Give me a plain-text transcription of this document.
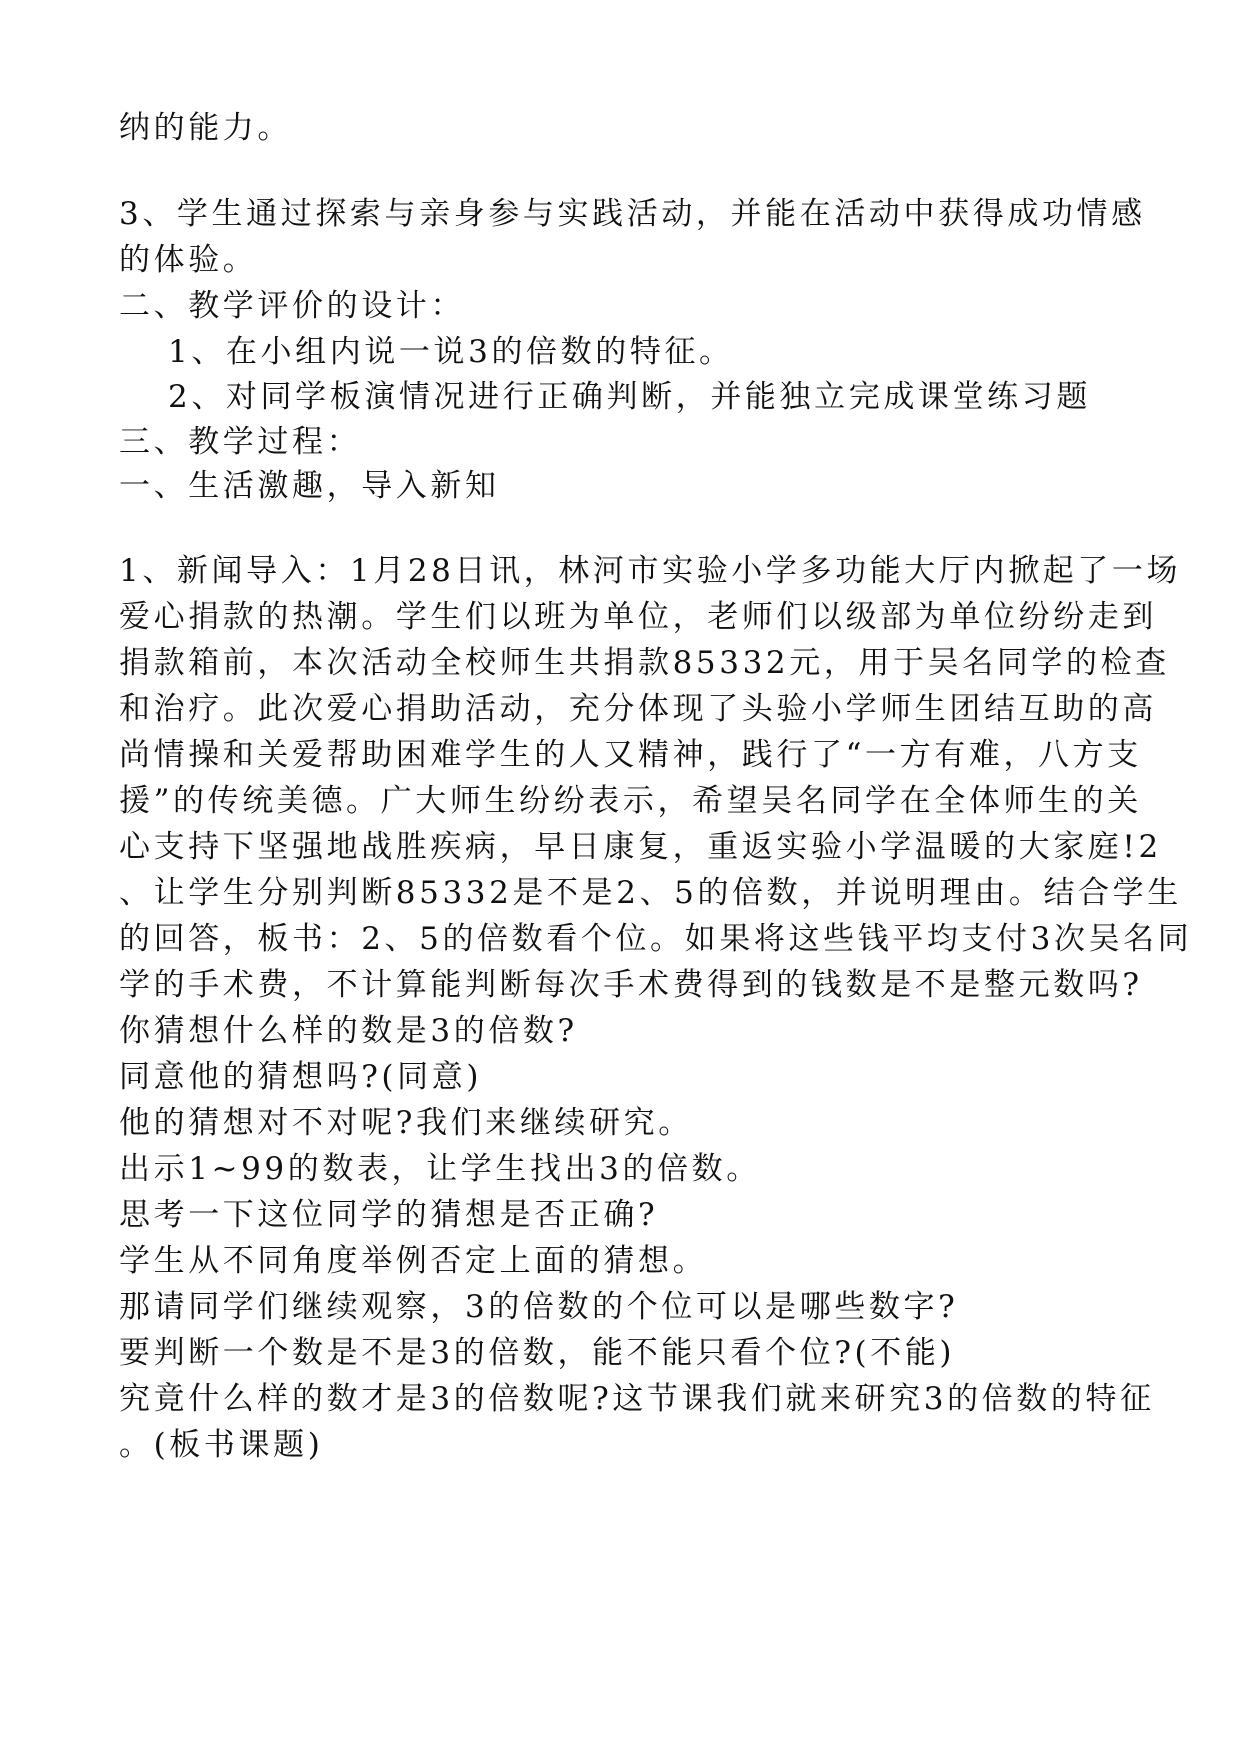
纳的能力。

3、学生通过探索与亲身参与实践活动，并能在活动中获得成功情感

的体验。

二、教学评价的设计：

1、在小组内说一说3的倍数的特征。

2、对同学板演情况进行正确判断，并能独立完成课堂练习题

三、教学过程：

一、生活激趣，导入新知

1、新闻导入：1月28日讯，林河市实验小学多功能大厅内掀起了一场

爱心捐款的热潮。学生们以班为单位，老师们以级部为单位纷纷走到

捐款箱前，本次活动全校师生共捐款85332元，用于吴名同学的检查

和治疗。此次爱心捐助活动，充分体现了头验小学师生团结互助的高

尚情操和关爱帮助困难学生的人又精神，践行了“一方有难，八方支

援”的传统美德。广大师生纷纷表示，希望吴名同学在全体师生的关

心支持下坚强地战胜疾病，早日康复，重返实验小学温暖的大家庭!2

、让学生分别判断85332是不是2、5的倍数，并说明理由。结合学生

的回答，板书：2、5的倍数看个位。如果将这些钱平均支付3次吴名同

学的手术费，不计算能判断每次手术费得到的钱数是不是整元数吗?

你猜想什么样的数是3的倍数?

同意他的猜想吗?(同意)

他的猜想对不对呢?我们来继续研究。

出示1~99的数表，让学生找出3的倍数。

思考一下这位同学的猜想是否正确?

学生从不同角度举例否定上面的猜想。

那请同学们继续观察，3的倍数的个位可以是哪些数字?

要判断一个数是不是3的倍数，能不能只看个位?(不能)

究竟什么样的数才是3的倍数呢?这节课我们就来研究3的倍数的特征

。(板书课题)
